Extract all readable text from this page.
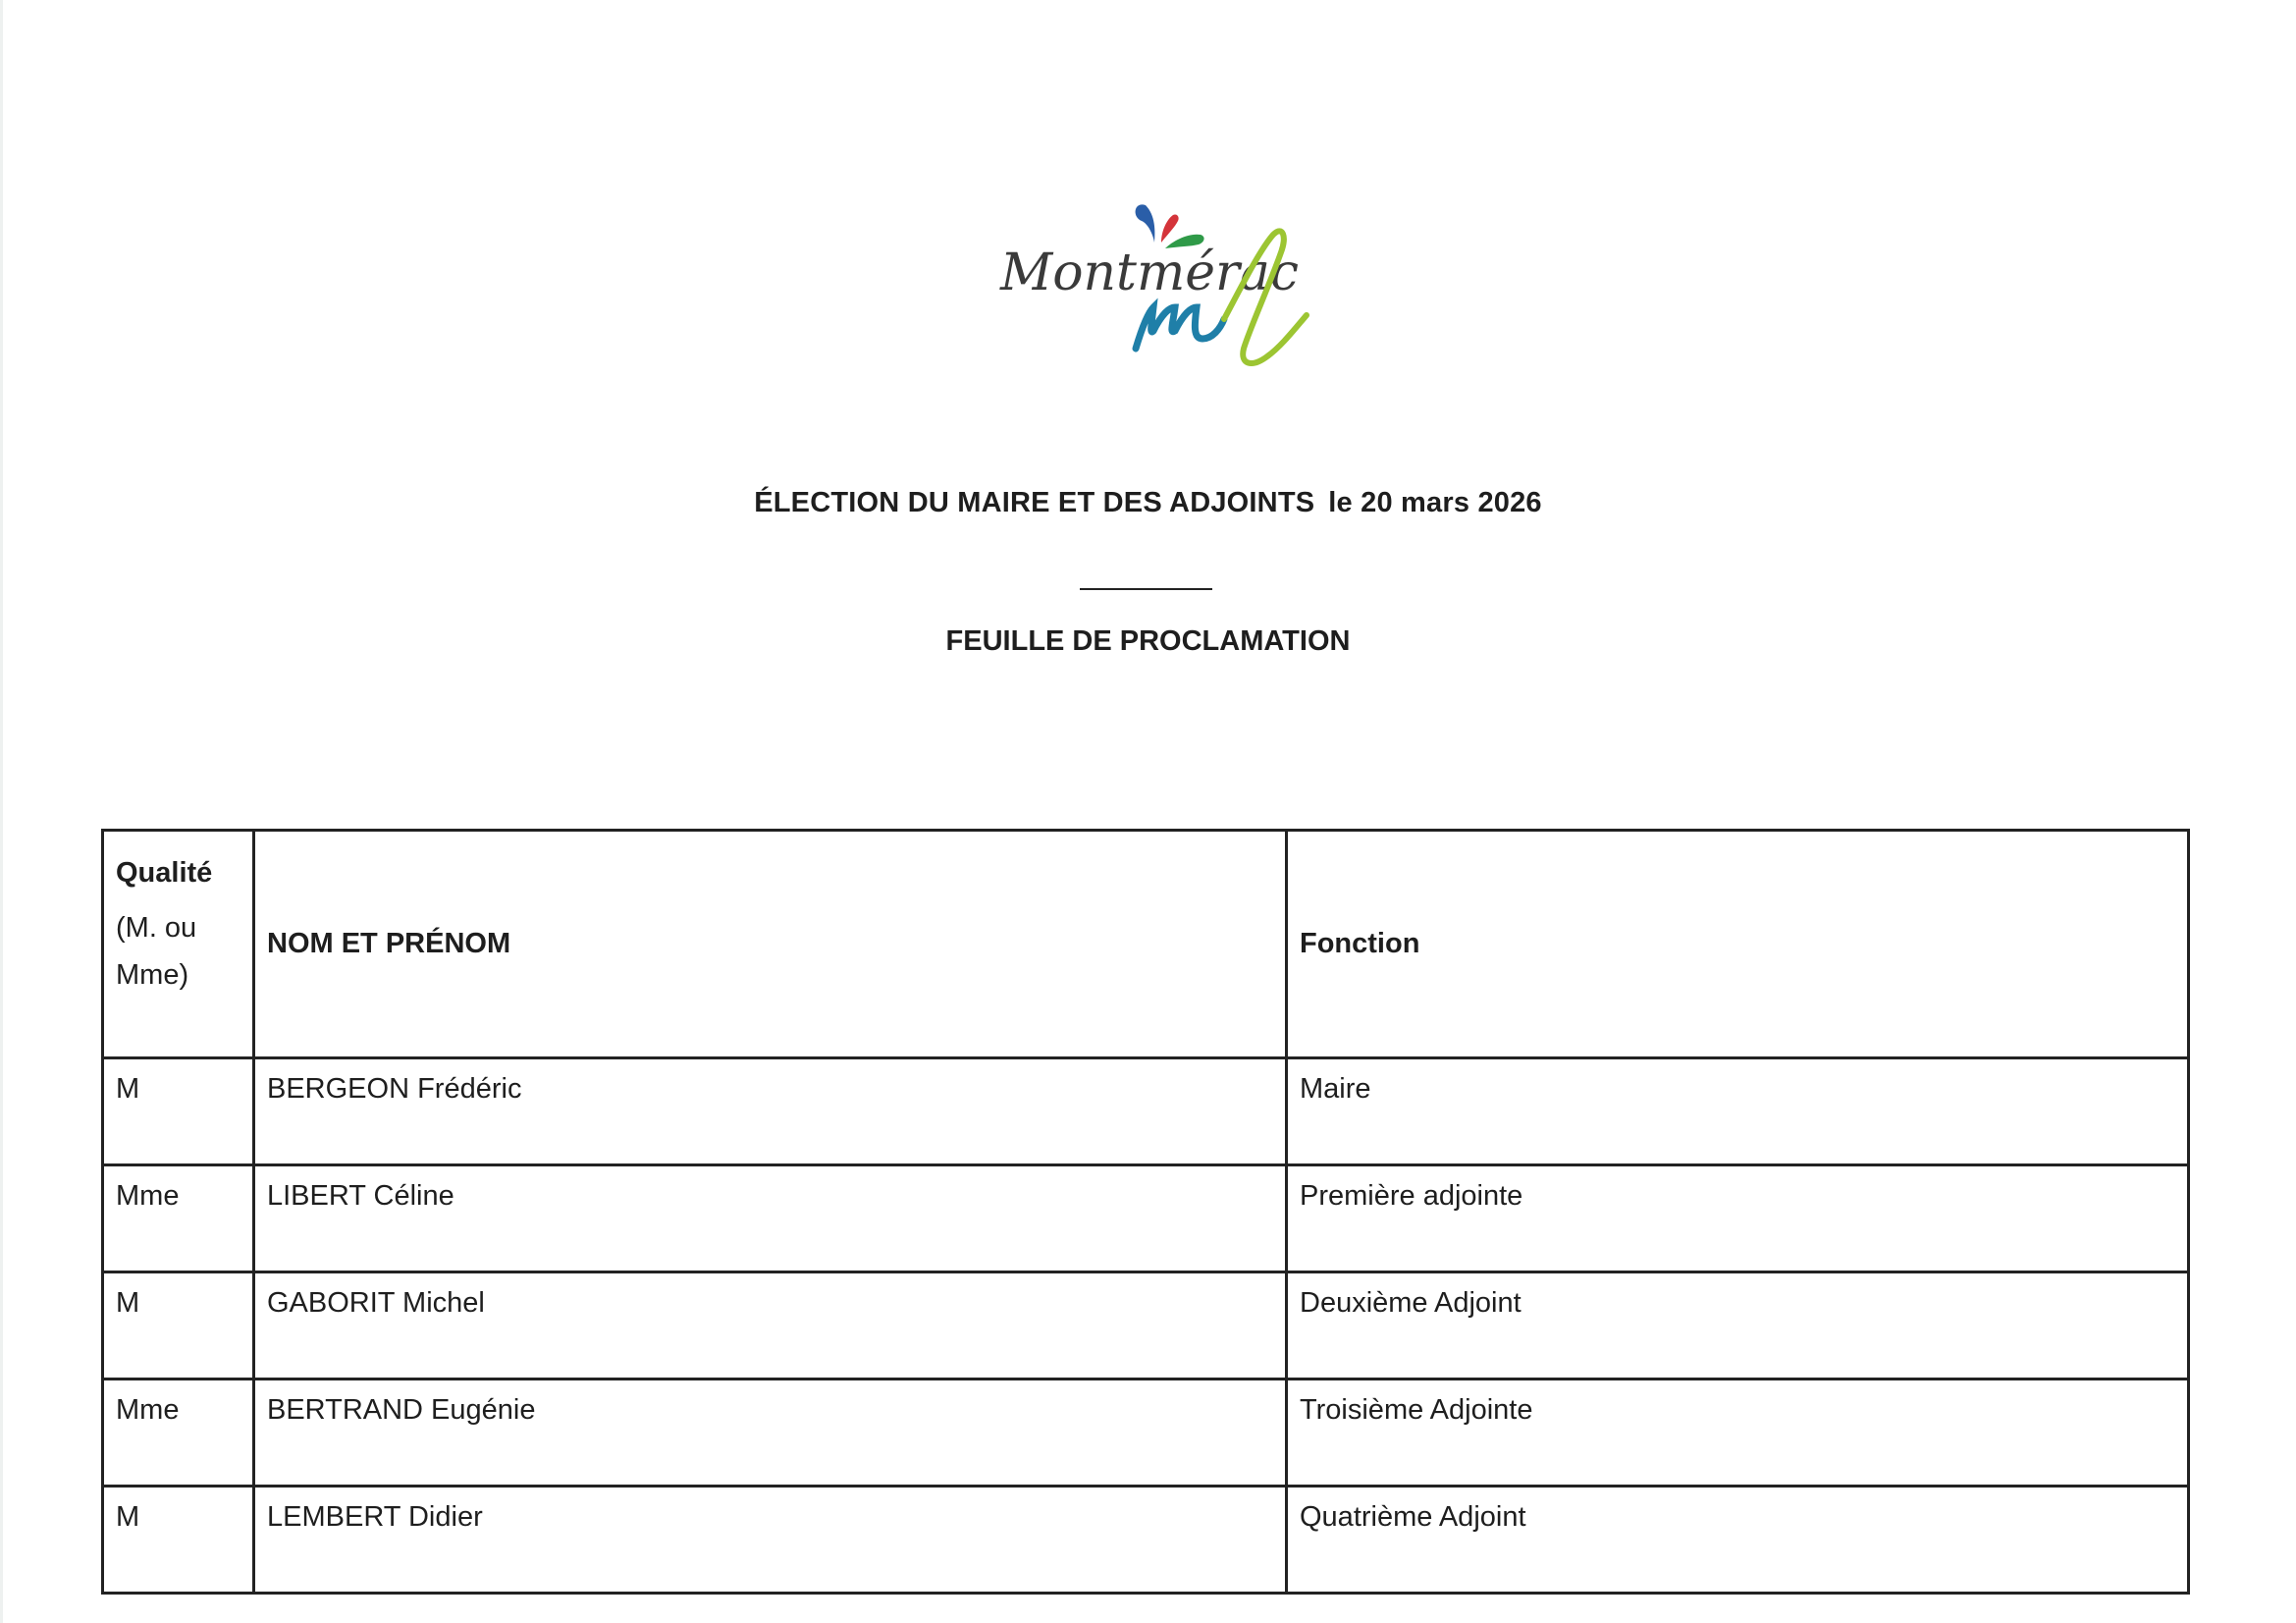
Montmérac
ÉLECTION DU MAIRE ET DES ADJOINTS le 20 mars 2026
FEUILLE DE PROCLAMATION
Qualité
(M. ou
Mme)	NOM ET PRÉNOM	Fonction
M	BERGEON Frédéric	Maire
Mme	LIBERT Céline	Première adjointe
M	GABORIT Michel	Deuxième Adjoint
Mme	BERTRAND Eugénie	Troisième Adjointe
M	LEMBERT Didier	Quatrième Adjoint
